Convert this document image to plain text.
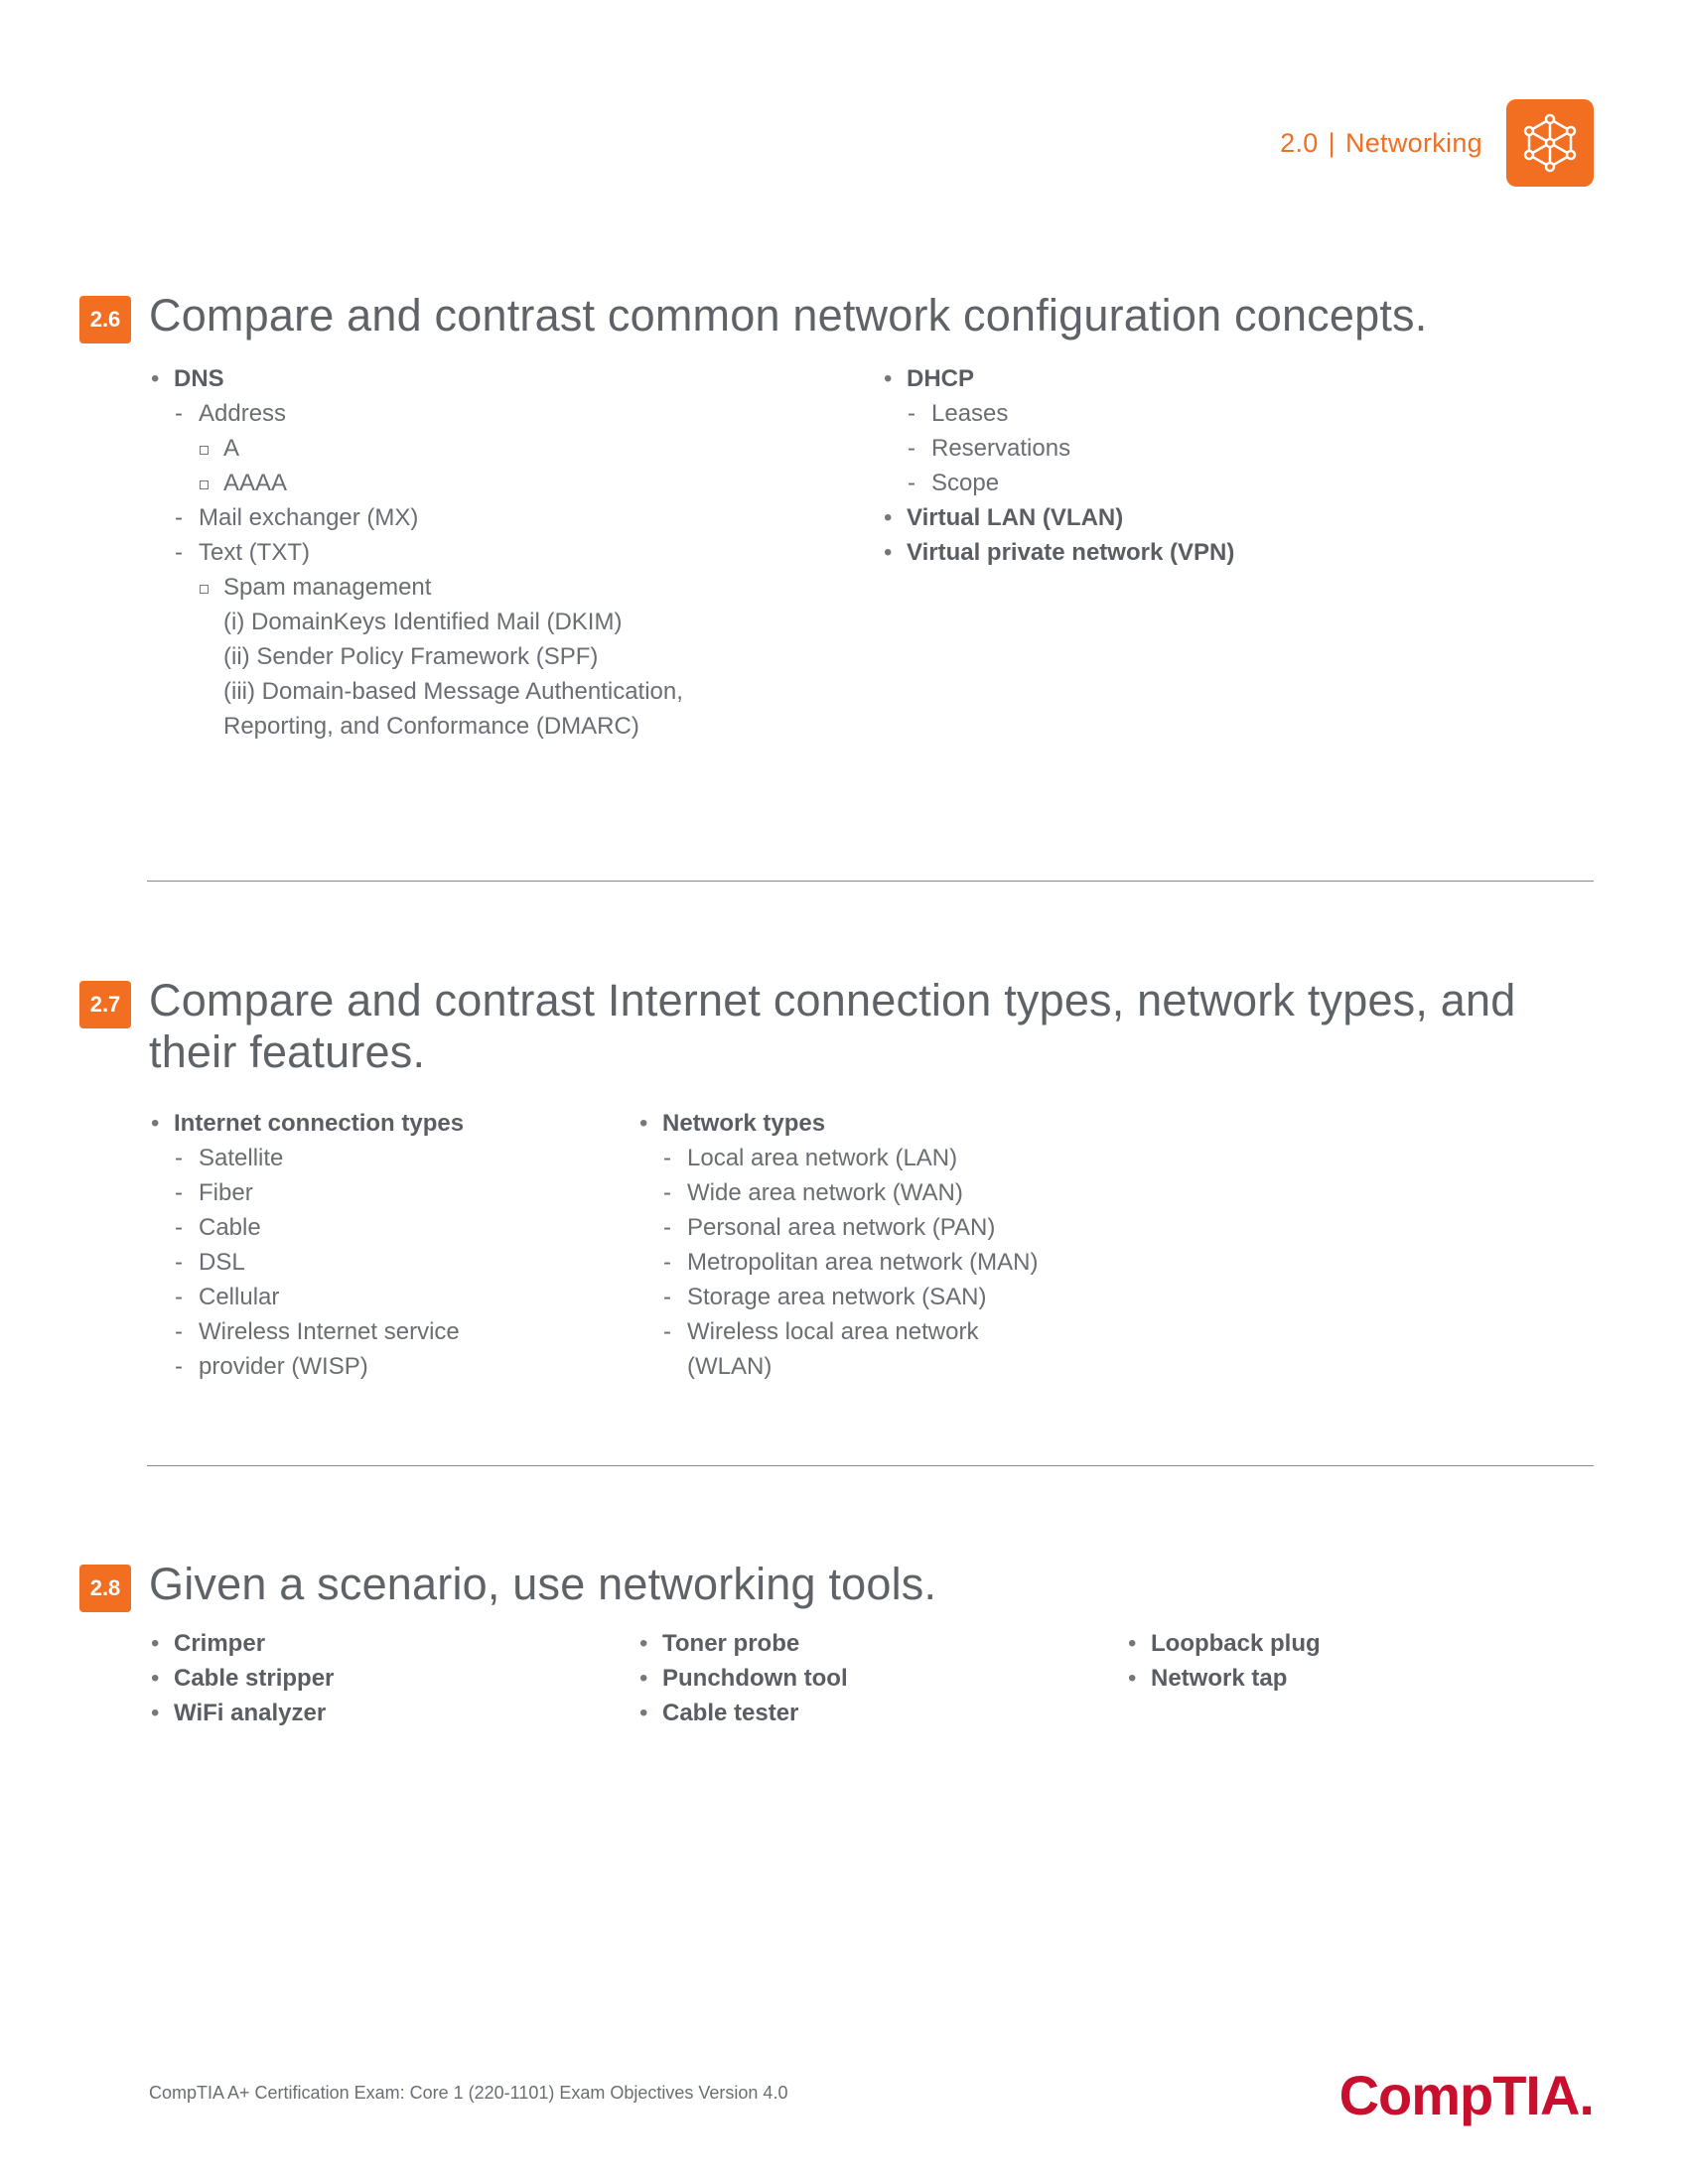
2.0 | Networking
2.6 Compare and contrast common network configuration concepts.
• DNS
- Address
A
AAAA
- Mail exchanger (MX)
- Text (TXT)
Spam management
(i) DomainKeys Identified Mail (DKIM)
(ii) Sender Policy Framework (SPF)
(iii) Domain-based Message Authentication,
Reporting, and Conformance (DMARC)
• DHCP
- Leases
- Reservations
- Scope
• Virtual LAN (VLAN)
• Virtual private network (VPN)
2.7 Compare and contrast Internet connection types, network types, and their features.
• Internet connection types
- Satellite
- Fiber
- Cable
- DSL
- Cellular
- Wireless Internet service
- provider (WISP)
• Network types
- Local area network (LAN)
- Wide area network (WAN)
- Personal area network (PAN)
- Metropolitan area network (MAN)
- Storage area network (SAN)
- Wireless local area network
(WLAN)
2.8 Given a scenario, use networking tools.
• Crimper
• Cable stripper
• WiFi analyzer
• Toner probe
• Punchdown tool
• Cable tester
• Loopback plug
• Network tap
CompTIA A+ Certification Exam: Core 1 (220-1101) Exam Objectives Version 4.0	CompTIA.
